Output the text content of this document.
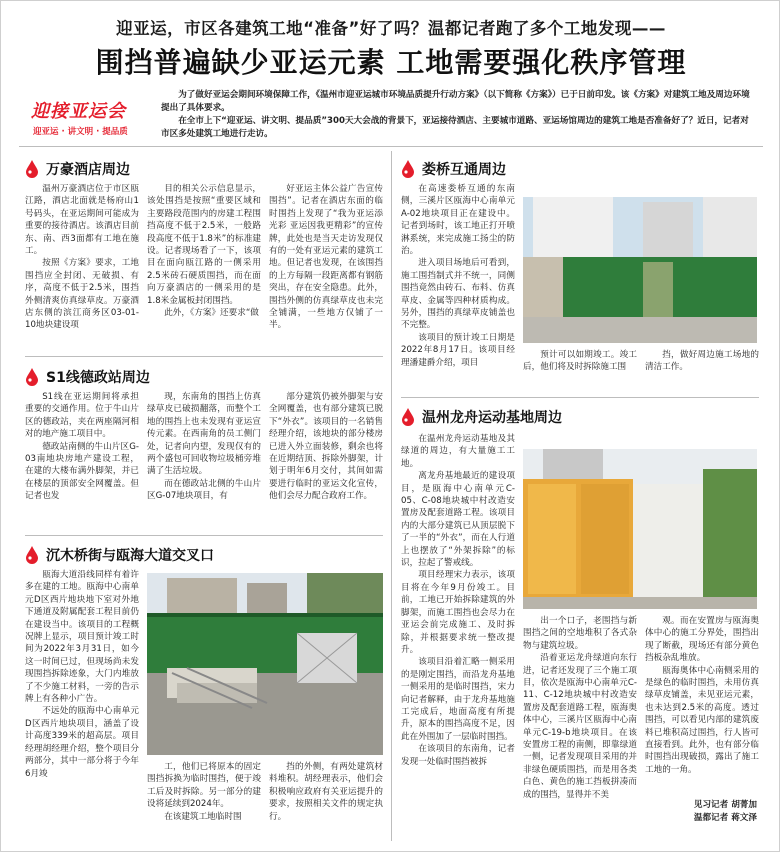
迎亚运，市区各建筑工地“准备”好了吗？温都记者跑了多个工地发现——
围挡普遍缺少亚运元素 工地需要强化秩序管理
迎接亚运会
迎亚运 · 讲文明 · 提品质

为了做好亚运会期间环境保障工作，《温州市迎亚运城市环境品质提升行动方案》（以下简称《方案》）已于日前印发。该《方案》对建筑工地及周边环境提出了具体要求。

在全市上下“迎亚运、讲文明、提品质”300天大会战的背景下，亚运接待酒店、主要城市道路、亚运场馆周边的建筑工地是否准备好了？近日，记者对市区多处建筑工地进行走访。

万豪酒店周边

温州万豪酒店位于市区瓯江路，酒店北面就是杨府山1号码头，在亚运期间可能成为重要的接待酒店。该酒店目前东、南、西3面都有工地在施工。

按照《方案》要求，工地围挡应全封闭、无破损、有序，高度不低于2.5米，围挡外侧清爽仿真绿草皮。万豪酒店东侧的滨江商务区03-01-10地块建设项

目的相关公示信息显示，该处围挡是按照“重要区域和主要路段范围内的房建工程围挡高度不低于2.5米，一般路段高度不低于1.8米”的标准建设。记者现场看了一下，该项目在面向瓯江路的一侧采用2.5米砖石硬质围挡，而在面向万豪酒店的一侧采用的是1.8米金属板封闭围挡。

此外，《方案》还要求“做

好亚运主体公益广告宣传围挡”。记者在酒店东面的临时围挡上发现了“我为亚运添光彩 亚运因我更精彩”的宣传牌，此处也是当天走访发现仅有的一处有亚运元素的建筑工地。但记者也发现，在该围挡的上方每隔一段距离都有钢筋突出，存在安全隐患。此外，围挡外侧的仿真绿草皮也未完全铺满，一些地方仅铺了一半。

S1线德政站周边

S1线在亚运期间将承担重要的交通作用。位于牛山片区的德政站，夹在两座隔河相对的地产施工项目中。

德政站南侧的牛山片区G-03南地块房地产建设工程，在建的大楼布满外脚架，并已在楼层的顶部安全网覆盖。但记者也发

现，东南角的围挡上仿真绿草皮已破损翻落，而整个工地的围挡上也未发现有亚运宣传元素。在西南角的员工侧门处，记者向内望，发现仅有的两个盛包可回收物垃圾桶旁堆满了生活垃圾。

而在德政站北侧的牛山片区G-07地块项目，有

部分建筑仍被外脚架与安全网覆盖，也有部分建筑已脱下“外衣”。该项目的一名销售经理介绍，该地块的部分楼房已进入外立面装修，剩余也将在近期结顶、拆除外脚架，计划于明年6月交付，其间如需要进行临时的亚运文化宣传，他们会尽力配合政府工作。

沉木桥街与瓯海大道交叉口

瓯海大道沿线同样有着许多在建的工地。瓯海中心南单元D区西片地块地下室对外地下通道及附属配套工程目前仍在建设当中。该项目的工程概况牌上显示，项目预计竣工时间为2022年3月31日，如今这一时间已过，但现场尚未发现围挡拆除迹象，大门内堆放了不少施工材料，一旁的告示牌上有各种小广告。

不远处的瓯海中心南单元D区西片地块项目，涵盖了设计高度339米的超高层。项目经理胡经理介绍，整个项目分两部分，其中一部分将于今年6月竣

工，他们已将原本的固定围挡拆换为临时围挡，便于竣工后及时拆除。另一部分的建设将延续到2024年。

在该建筑工地临时围

挡的外侧，有两处建筑材料堆积。胡经理表示，他们会积极响应政府有关亚运提升的要求，按照相关文件的规定执行。

娄桥互通周边

在高速娄桥互通的东南侧，三溪片区瓯海中心南单元A-02地块项目正在建设中。记者到场时，该工地正打开喷淋系统，来完成施工扬尘的防治。

进入项目场地后可看到，施工围挡制式并不统一，同侧围挡竟然由砖石、布料、仿真草皮、金属等四种材质构成。另外，围挡的真绿草皮铺盖也不完整。

该项目的预计竣工日期是2022年8月17日。该项目经理潘建爵介绍，项目

预计可以如期竣工。竣工后，他们将及时拆除施工围

挡，做好周边施工场地的清洁工作。

温州龙舟运动基地周边

在温州龙舟运动基地及其绿道的周边，有大量施工工地。

离龙舟基地最近的建设项目，是瓯海中心南单元C-05、C-08地块城中村改造安置房及配套道路工程。该项目内的大部分建筑已从顶层脱下了一半的“外衣”，而在人行道上也摆放了“外架拆除”的标识，拉起了警戒线。

项目经理宋力表示，该项目将在今年9月份竣工。目前，工地已开始拆除建筑的外脚架，而施工围挡也会尽力在亚运会前完成施工、及时拆除，并根据要求统一整改提升。

该项目沿着汇略一侧采用的是刚定围挡，而沿龙舟基地一侧采用的是临时围挡，宋力向记者解释，由于龙舟基地施工完成后，地面高度有所提升，原本的围挡高度不足，因此在外围加了一层临时围挡。

在该项目的东南角，记者发现一处临时围挡被拆

出一个口子，老围挡与新围挡之间的空地堆积了各式杂物与建筑垃圾。

沿着亚运龙舟绿道向东行进，记者还发现了三个施工项目，依次是瓯海中心南单元C-11、C-12地块城中村改造安置房及配套道路工程，瓯海奥体中心，三溪片区瓯海中心南单元C-19-b地块项目。在该安置房工程的南侧，即靠绿道一侧，记者发现项目采用的并非绿色硬质围挡，而是用各类白色、黄色的施工挡板拼凑而成的围挡，显得并不美

观。而在安置房与瓯海奥体中心的施工分界处，围挡出现了断截，现场还有部分黄色挡板杂乱堆放。

瓯海奥体中心南侧采用的是绿色的临时围挡，未用仿真绿草皮铺盖，未见亚运元素，也未达到2.5米的高度。透过围挡，可以看见内部的建筑废料已堆积高过围挡，行人皆可直接看到。此外，也有部分临时围挡出现破损，露出了施工工地的一角。

见习记者 胡菁加
温都记者 蒋文泽
